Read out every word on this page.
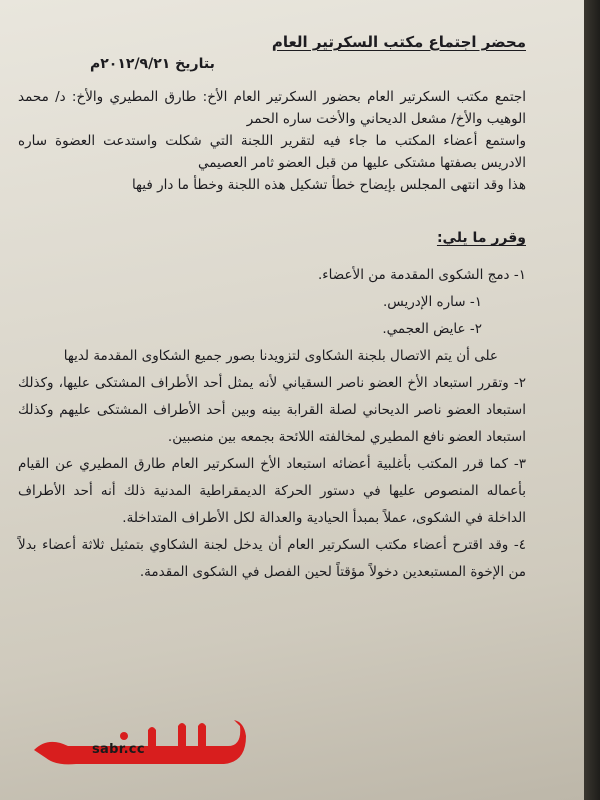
محضر اجتماع مكتب السكرتير العام
بتاريخ ٢٠١٢/٩/٢١م

اجتمع مكتب السكرتير العام بحضور السكرتير العام الأخ: طارق المطيري والأخ: د/ محمد الوهيب والأخ/ مشعل الديحاني والأخت ساره الحمر

واستمع أعضاء المكتب ما جاء فيه لتقرير اللجنة التي شكلت واستدعت العضوة ساره الادريس بصفتها مشتكى عليها من قبل العضو ثامر العصيمي

هذا وقد انتهى المجلس بإيضاح خطأ تشكيل هذه اللجنة وخطأ ما دار فيها

وقرر ما يلي:

١- دمج الشكوى المقدمة من الأعضاء.

١- ساره الإدريس.

٢- عايض العجمي.

على أن يتم الاتصال بلجنة الشكاوى لتزويدنا بصور جميع الشكاوى المقدمة لديها

٢- وتقرر استبعاد الأخ العضو ناصر السقياني لأنه يمثل أحد الأطراف المشتكى عليها، وكذلك استبعاد العضو ناصر الديحاني لصلة القرابة بينه وبين أحد الأطراف المشتكى عليهم وكذلك استبعاد العضو نافع المطيري لمخالفته اللائحة بجمعه بين منصبين.

٣- كما قرر المكتب بأغلبية أعضائه استبعاد الأخ السكرتير العام طارق المطيري عن القيام بأعماله المنصوص عليها في دستور الحركة الديمقراطية المدنية ذلك أنه أحد الأطراف الداخلة في الشكوى، عملاً بمبدأ الحيادية والعدالة لكل الأطراف المتداخلة.

٤- وقد اقترح أعضاء مكتب السكرتير العام أن يدخل لجنة الشكاوي بتمثيل ثلاثة أعضاء بدلاً من الإخوة المستبعدين دخولاً مؤقتاً لحين الفصل في الشكوى المقدمة.

sabr.cc
